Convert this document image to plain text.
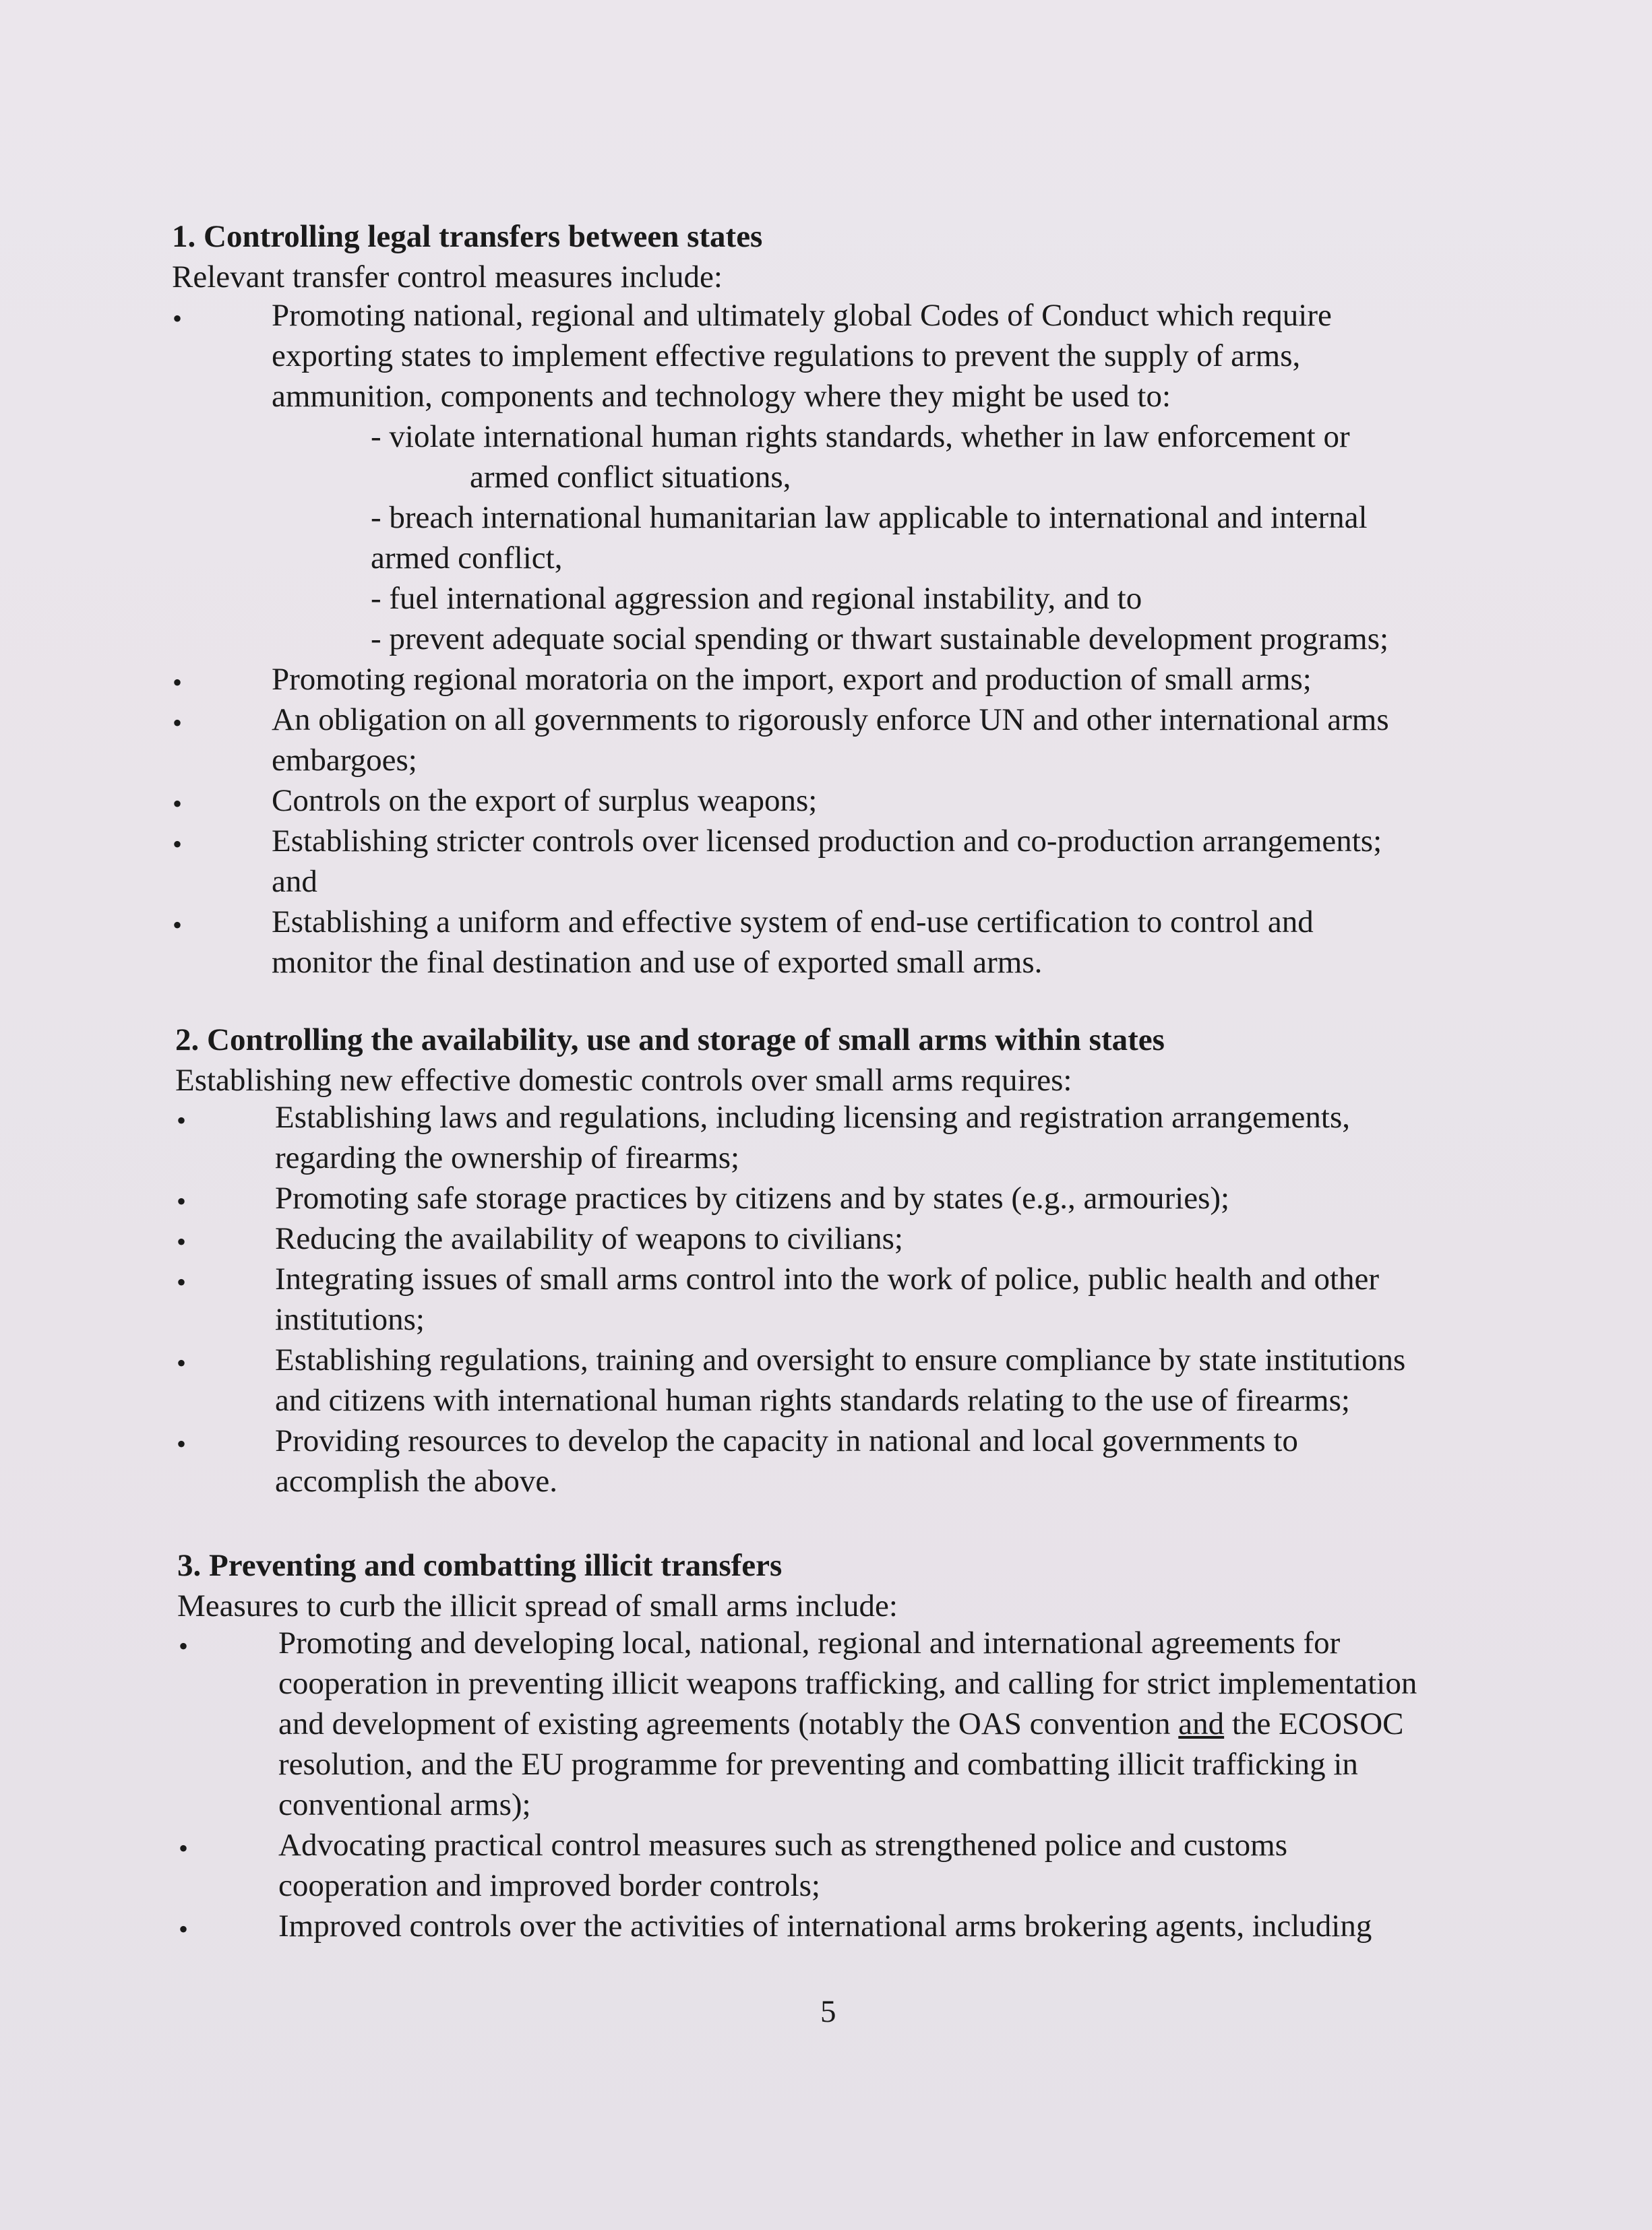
1. Controlling legal transfers between states
Relevant transfer control measures include:
•	Promoting national, regional and ultimately global Codes of Conduct which require
exporting states to implement effective regulations to prevent the supply of arms,
ammunition, components and technology where they might be used to:
- violate international human rights standards, whether in law enforcement or
armed conflict situations,
- breach international humanitarian law applicable to international and internal
armed conflict,
- fuel international aggression and regional instability, and to
- prevent adequate social spending or thwart sustainable development programs;
•	Promoting regional moratoria on the import, export and production of small arms;
•	An obligation on all governments to rigorously enforce UN and other international arms
embargoes;
•	Controls on the export of surplus weapons;
•	Establishing stricter controls over licensed production and co-production arrangements;
and
•	Establishing a uniform and effective system of end-use certification to control and
monitor the final destination and use of exported small arms.
2. Controlling the availability, use and storage of small arms within states
Establishing new effective domestic controls over small arms requires:
•	Establishing laws and regulations, including licensing and registration arrangements,
regarding the ownership of firearms;
•	Promoting safe storage practices by citizens and by states (e.g., armouries);
•	Reducing the availability of weapons to civilians;
•	Integrating issues of small arms control into the work of police, public health and other
institutions;
•	Establishing regulations, training and oversight to ensure compliance by state institutions
and citizens with international human rights standards relating to the use of firearms;
•	Providing resources to develop the capacity in national and local governments to
accomplish the above.
3. Preventing and combatting illicit transfers
Measures to curb the illicit spread of small arms include:
•	Promoting and developing local, national, regional and international agreements for
cooperation in preventing illicit weapons trafficking, and calling for strict implementation
and development of existing agreements (notably the OAS convention and the ECOSOC
resolution, and the EU programme for preventing and combatting illicit trafficking in
conventional arms);
•	Advocating practical control measures such as strengthened police and customs
cooperation and improved border controls;
•	Improved controls over the activities of international arms brokering agents, including
5
